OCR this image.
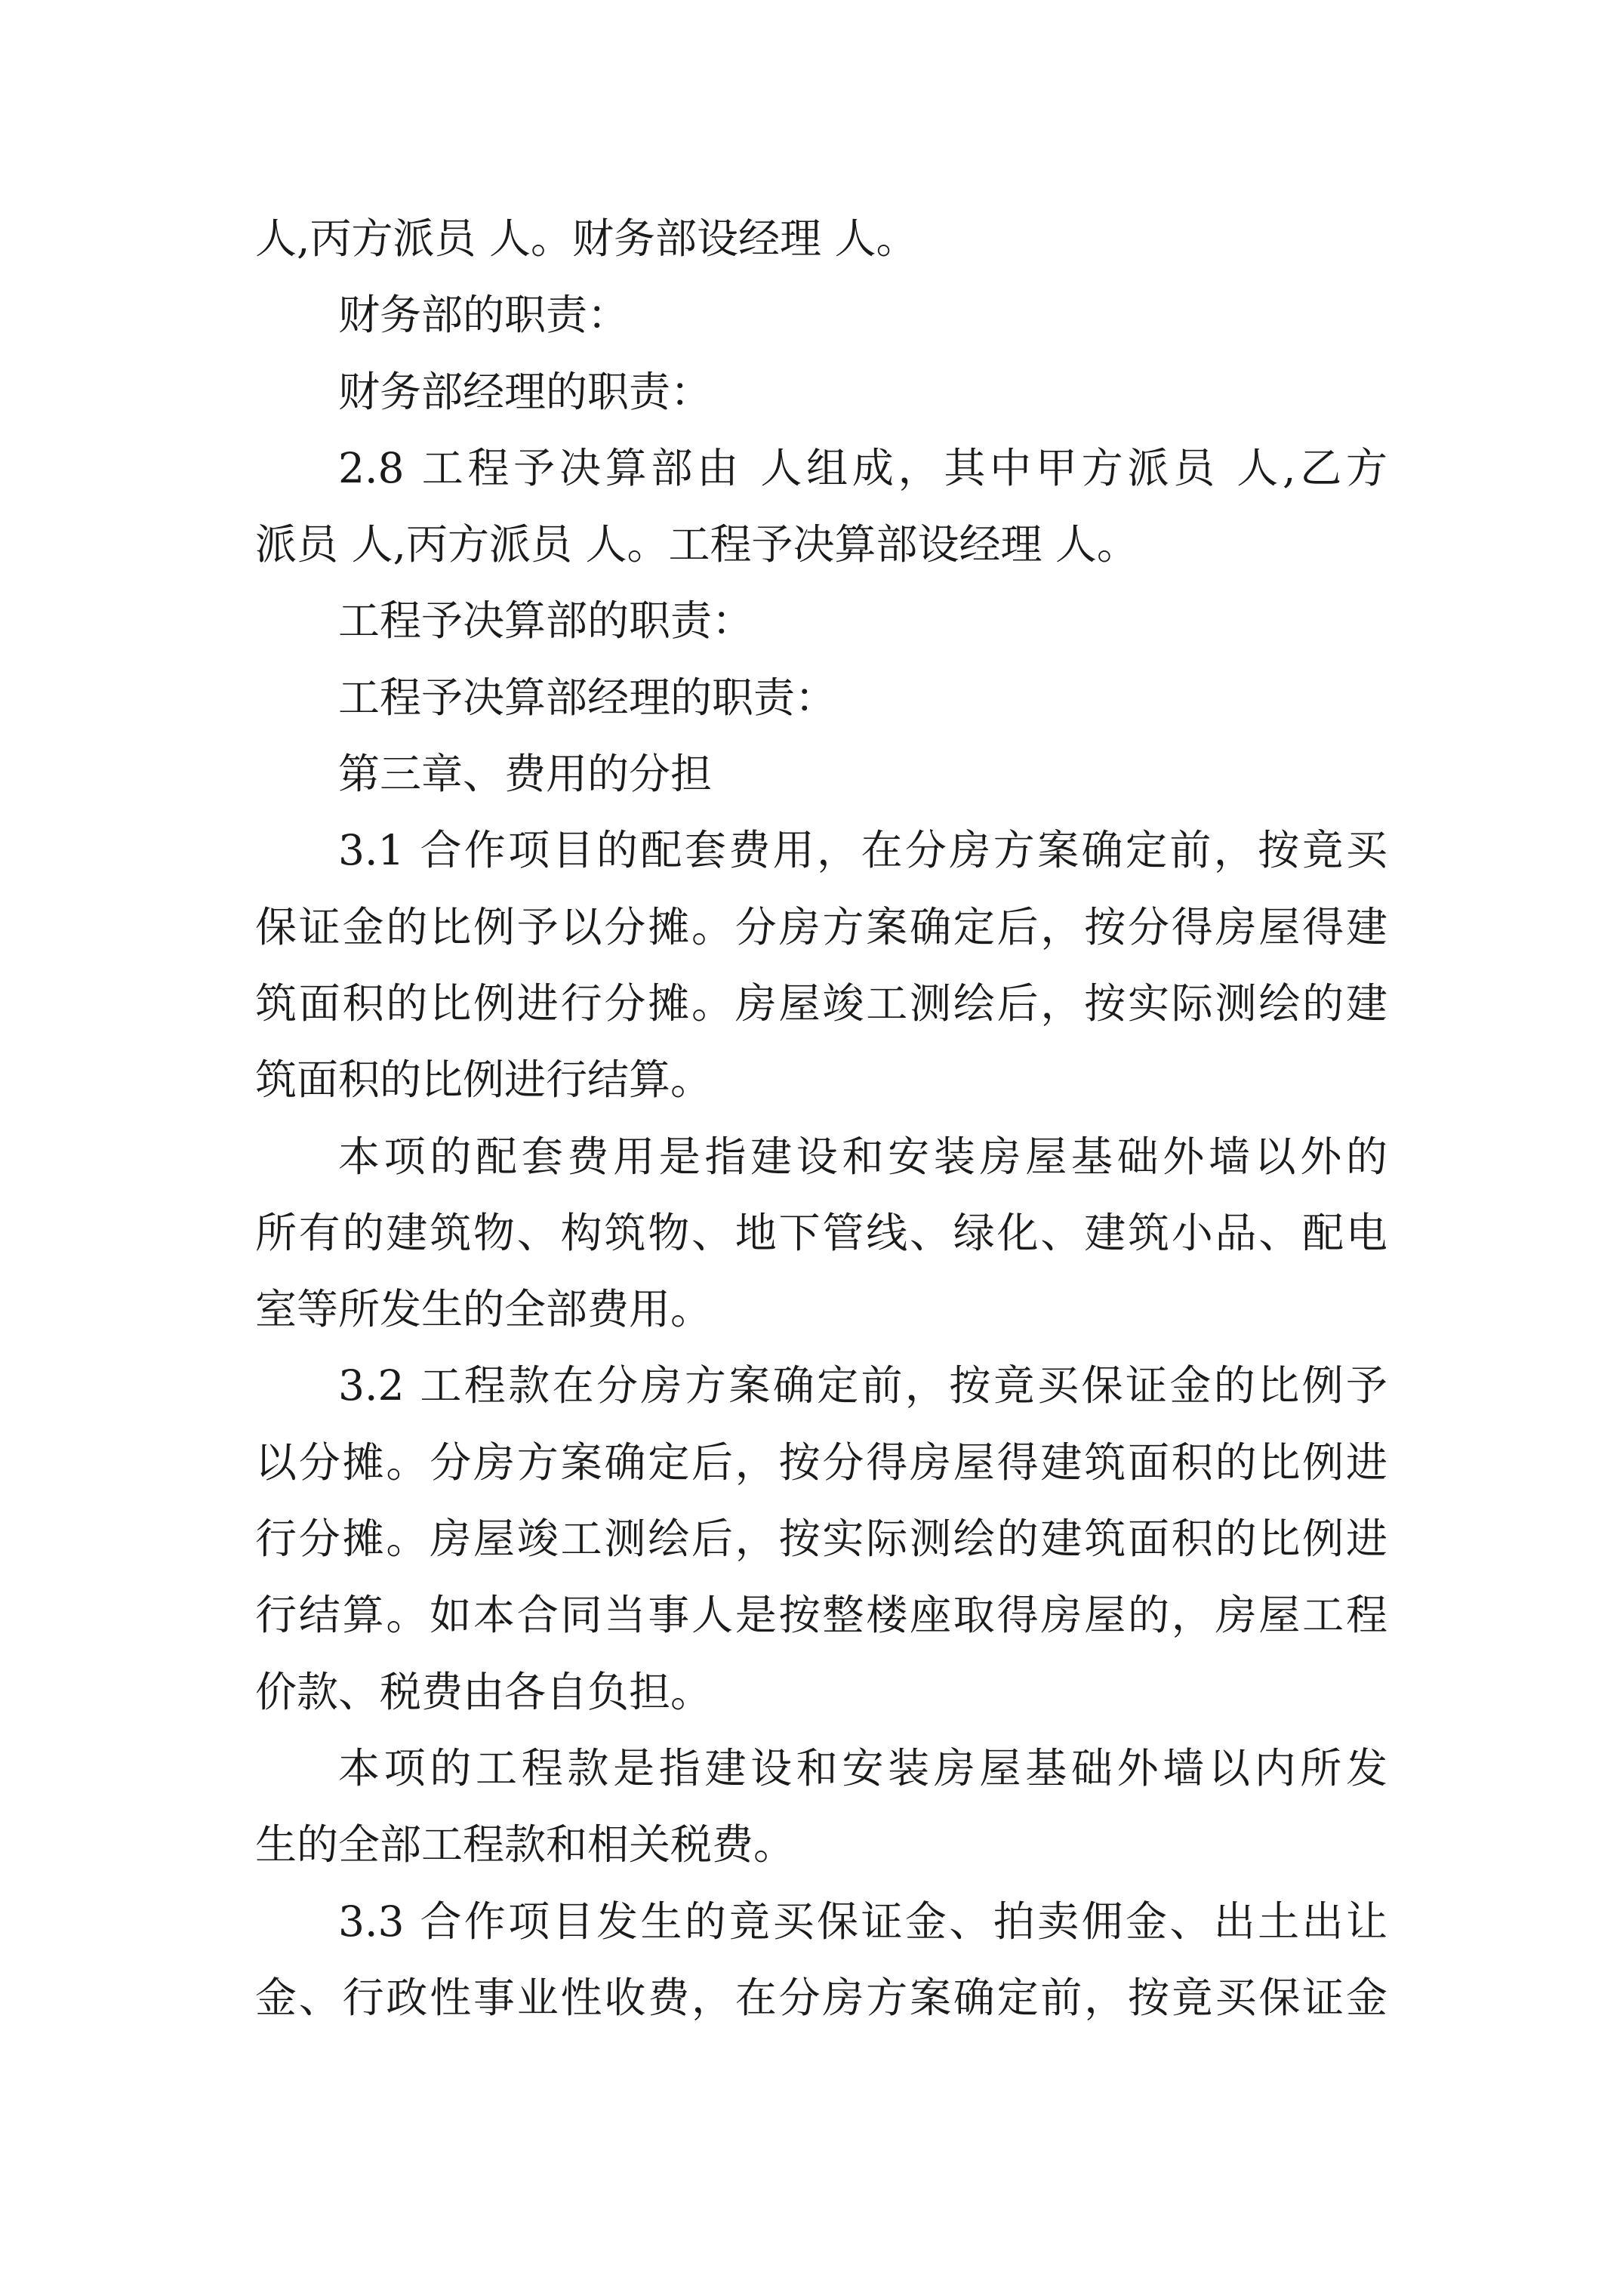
人,丙方派员 人。财务部设经理 人。
财务部的职责：
财务部经理的职责：
2.8 工程予决算部由 人组成，其中甲方派员 人,乙方
派员 人,丙方派员 人。工程予决算部设经理 人。
工程予决算部的职责：
工程予决算部经理的职责：
第三章、费用的分担
3.1 合作项目的配套费用，在分房方案确定前，按竟买
保证金的比例予以分摊。分房方案确定后，按分得房屋得建
筑面积的比例进行分摊。房屋竣工测绘后，按实际测绘的建
筑面积的比例进行结算。
本项的配套费用是指建设和安装房屋基础外墙以外的
所有的建筑物、构筑物、地下管线、绿化、建筑小品、配电
室等所发生的全部费用。
3.2 工程款在分房方案确定前，按竟买保证金的比例予
以分摊。分房方案确定后，按分得房屋得建筑面积的比例进
行分摊。房屋竣工测绘后，按实际测绘的建筑面积的比例进
行结算。如本合同当事人是按整楼座取得房屋的，房屋工程
价款、税费由各自负担。
本项的工程款是指建设和安装房屋基础外墙以内所发
生的全部工程款和相关税费。
3.3 合作项目发生的竟买保证金、拍卖佣金、出土出让
金、行政性事业性收费，在分房方案确定前，按竟买保证金
